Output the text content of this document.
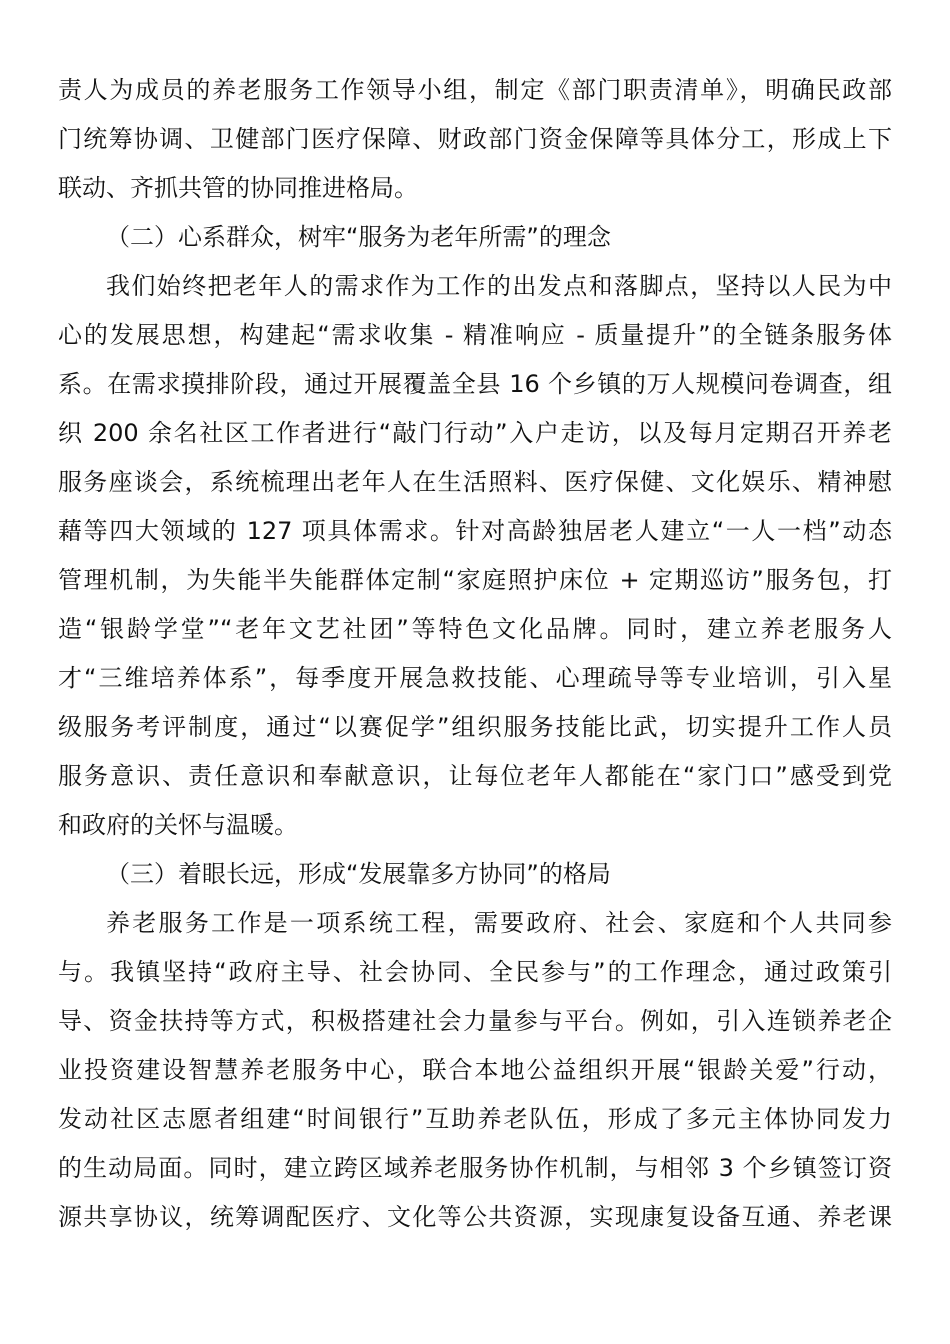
责人为成员的养老服务工作领导小组，制定《部门职责清单》，明确民政部
门统筹协调、卫健部门医疗保障、财政部门资金保障等具体分工，形成上下
联动、齐抓共管的协同推进格局。
（二）心系群众，树牢“服务为老年所需”的理念
我们始终把老年人的需求作为工作的出发点和落脚点，坚持以人民为中
心的发展思想，构建起“需求收集 - 精准响应 - 质量提升”的全链条服务体
系。在需求摸排阶段，通过开展覆盖全县 16 个乡镇的万人规模问卷调查，组
织 200 余名社区工作者进行“敲门行动”入户走访，以及每月定期召开养老
服务座谈会，系统梳理出老年人在生活照料、医疗保健、文化娱乐、精神慰
藉等四大领域的 127 项具体需求。针对高龄独居老人建立“一人一档”动态
管理机制，为失能半失能群体定制“家庭照护床位 + 定期巡访”服务包，打
造“银龄学堂”“老年文艺社团”等特色文化品牌。同时，建立养老服务人
才“三维培养体系”，每季度开展急救技能、心理疏导等专业培训，引入星
级服务考评制度，通过“以赛促学”组织服务技能比武，切实提升工作人员
服务意识、责任意识和奉献意识，让每位老年人都能在“家门口”感受到党
和政府的关怀与温暖。
（三）着眼长远，形成“发展靠多方协同”的格局
养老服务工作是一项系统工程，需要政府、社会、家庭和个人共同参
与。我镇坚持“政府主导、社会协同、全民参与”的工作理念，通过政策引
导、资金扶持等方式，积极搭建社会力量参与平台。例如，引入连锁养老企
业投资建设智慧养老服务中心，联合本地公益组织开展“银龄关爱”行动，
发动社区志愿者组建“时间银行”互助养老队伍，形成了多元主体协同发力
的生动局面。同时，建立跨区域养老服务协作机制，与相邻 3 个乡镇签订资
源共享协议，统筹调配医疗、文化等公共资源，实现康复设备互通、养老课
